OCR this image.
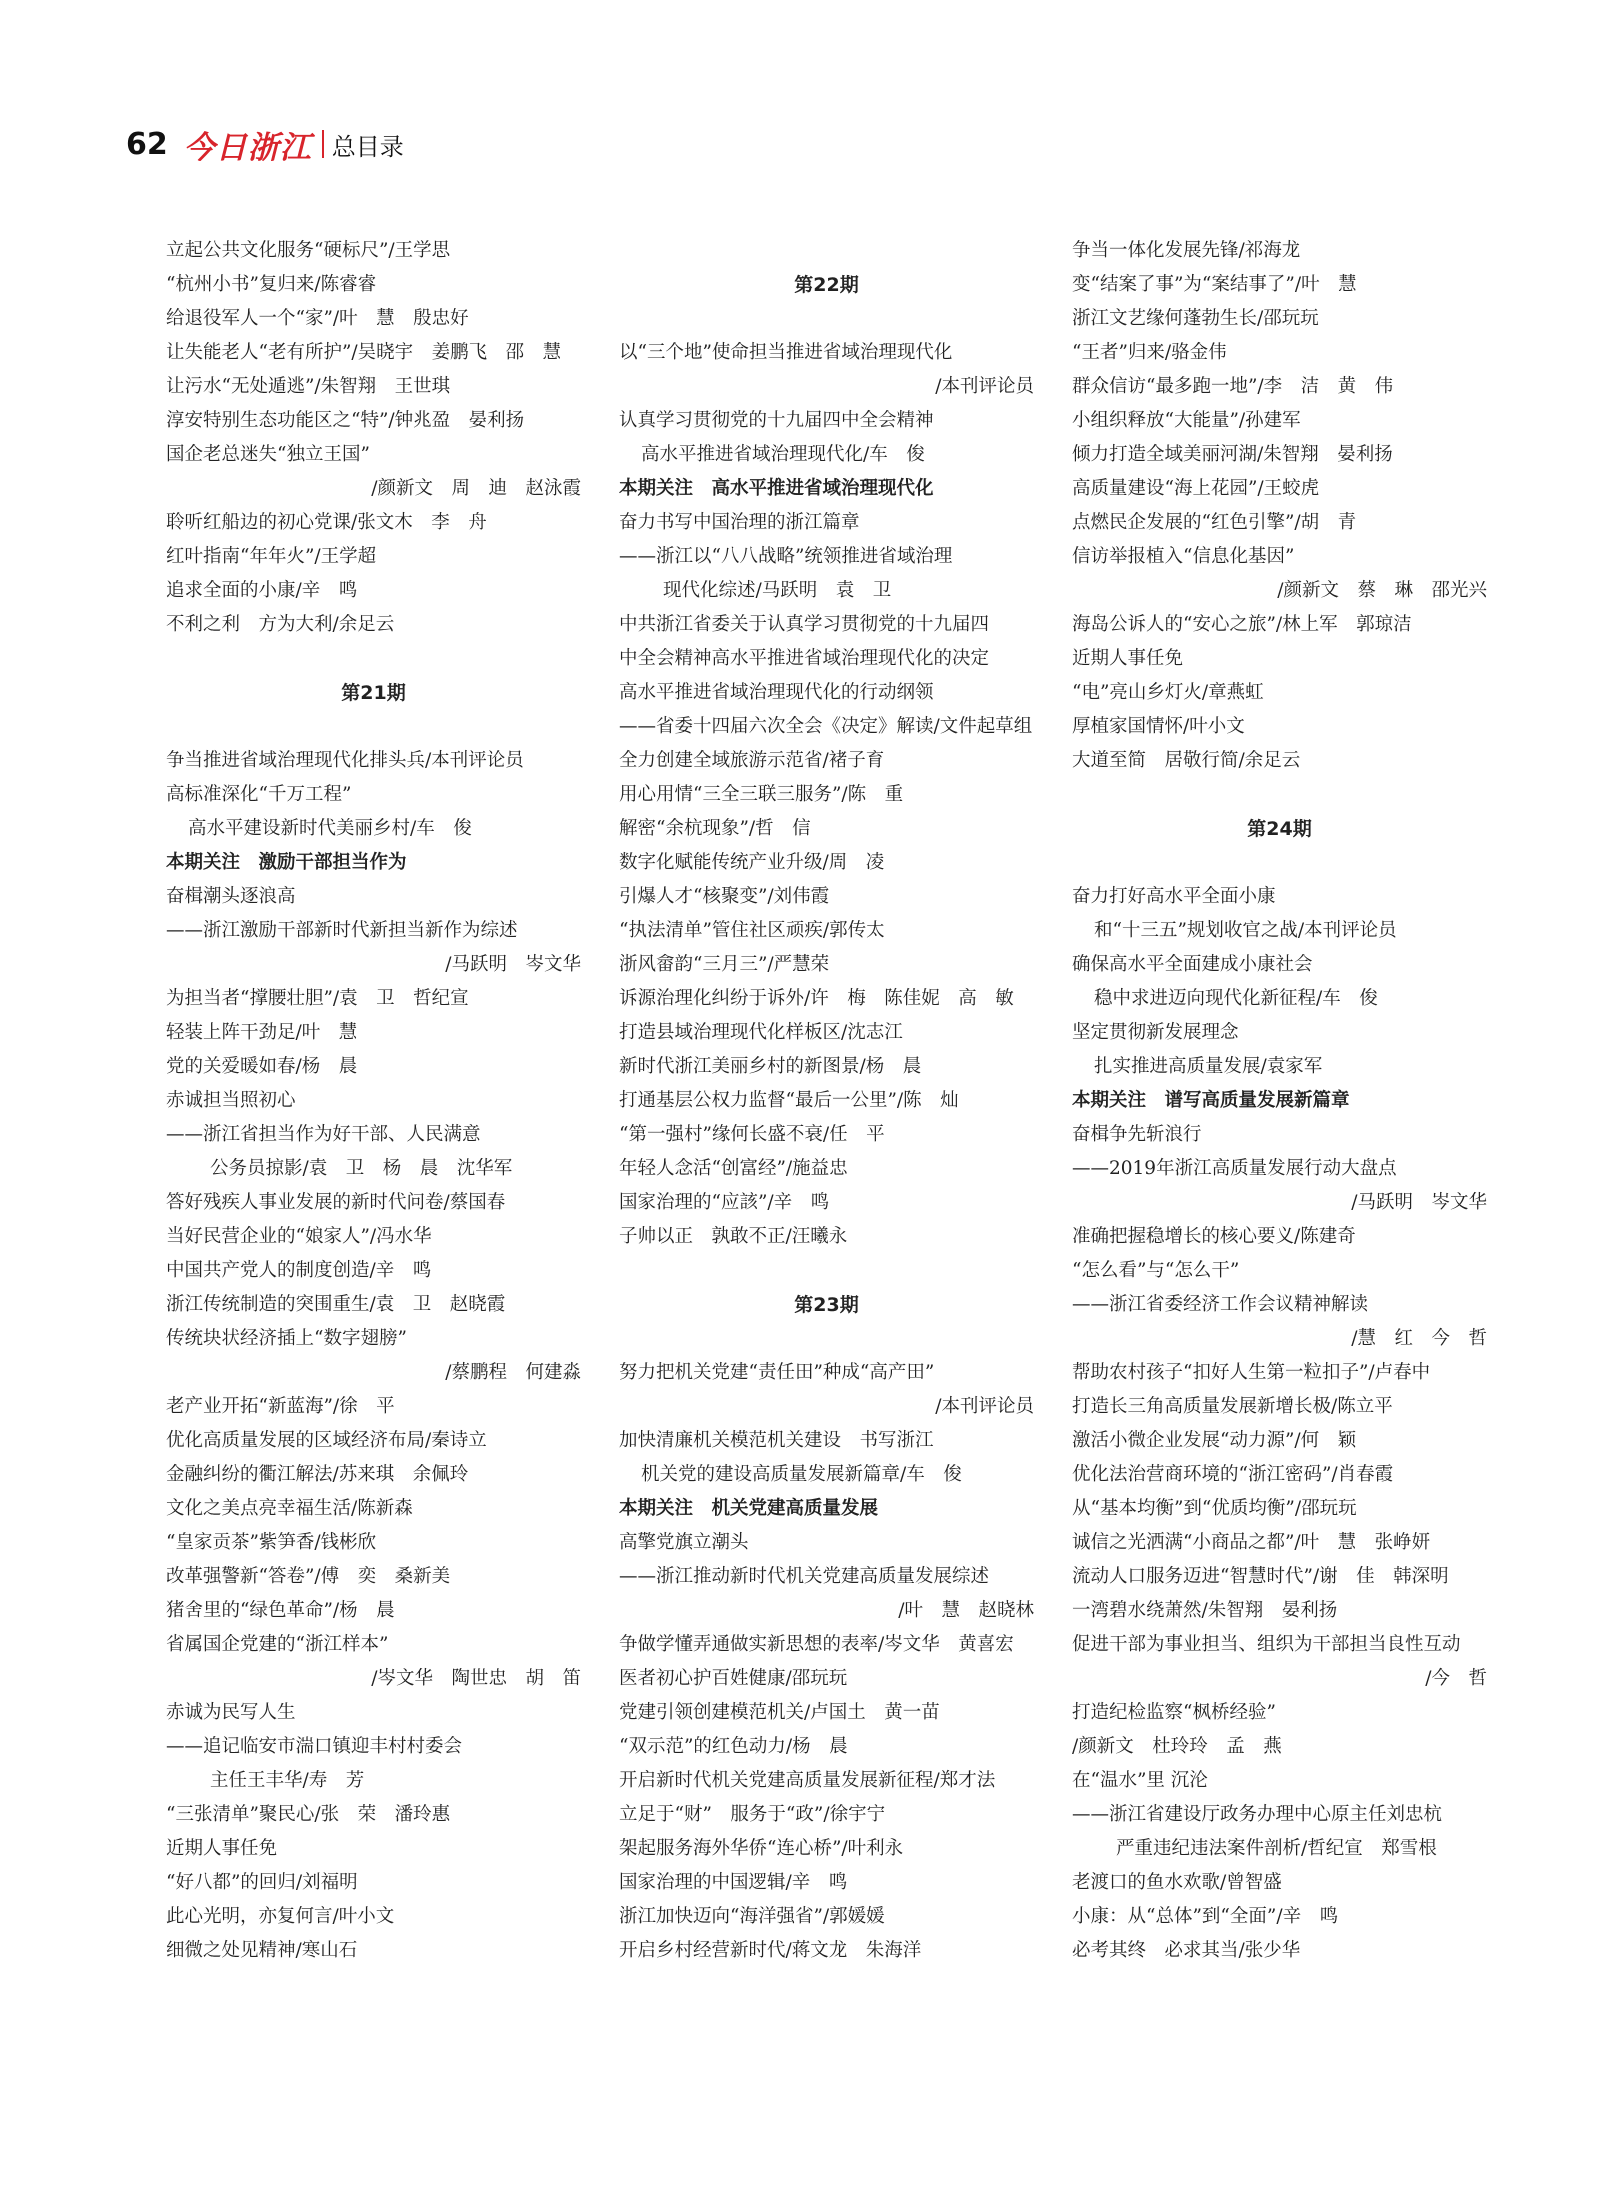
62 今日浙江 总目录
立起公共文化服务“硬标尺”/王学思
“杭州小书”复归来/陈睿睿
给退役军人一个“家”/叶　慧　殷忠好
让失能老人“老有所护”/吴晓宇　姜鹏飞　邵　慧
让污水“无处遁逃”/朱智翔　王世琪
淳安特别生态功能区之“特”/钟兆盈　晏利扬
国企老总迷失“独立王国”
/颜新文　周　迪　赵泳霞
聆听红船边的初心党课/张文木　李　舟
红叶指南“年年火”/王学超
追求全面的小康/辛　鸣
不利之利　方为大利/余足云
第21期
争当推进省域治理现代化排头兵/本刊评论员
高标准深化“千万工程”
高水平建设新时代美丽乡村/车　俊
本期关注　激励干部担当作为
奋楫潮头逐浪高
——浙江激励干部新时代新担当新作为综述
/马跃明　岑文华
为担当者“撑腰壮胆”/袁　卫　哲纪宣
轻装上阵干劲足/叶　慧
党的关爱暖如春/杨　晨
赤诚担当照初心
——浙江省担当作为好干部、人民满意
公务员掠影/袁　卫　杨　晨　沈华军
答好残疾人事业发展的新时代问卷/蔡国春
当好民营企业的“娘家人”/冯水华
中国共产党人的制度创造/辛　鸣
浙江传统制造的突围重生/袁　卫　赵晓霞
传统块状经济插上“数字翅膀”
/蔡鹏程　何建淼
老产业开拓“新蓝海”/徐　平
优化高质量发展的区域经济布局/秦诗立
金融纠纷的衢江解法/苏来琪　余佩玲
文化之美点亮幸福生活/陈新森
“皇家贡茶”紫笋香/钱彬欣
改革强警新“答卷”/傅　奕　桑新美
猪舍里的“绿色革命”/杨　晨
省属国企党建的“浙江样本”
/岑文华　陶世忠　胡　笛
赤诚为民写人生
——追记临安市湍口镇迎丰村村委会
主任王丰华/寿　芳
“三张清单”聚民心/张　荣　潘玲惠
近期人事任免
“好八都”的回归/刘福明
此心光明，亦复何言/叶小文
细微之处见精神/寒山石
第22期
以“三个地”使命担当推进省域治理现代化
/本刊评论员
认真学习贯彻党的十九届四中全会精神
高水平推进省域治理现代化/车　俊
本期关注　高水平推进省域治理现代化
奋力书写中国治理的浙江篇章
——浙江以“八八战略”统领推进省域治理
现代化综述/马跃明　袁　卫
中共浙江省委关于认真学习贯彻党的十九届四
中全会精神高水平推进省域治理现代化的决定
高水平推进省域治理现代化的行动纲领
——省委十四届六次全会《决定》解读/文件起草组
全力创建全域旅游示范省/褚子育
用心用情“三全三联三服务”/陈　重
解密“余杭现象”/哲　信
数字化赋能传统产业升级/周　凌
引爆人才“核聚变”/刘伟霞
“执法清单”管住社区顽疾/郭传太
浙风畲韵“三月三”/严慧荣
诉源治理化纠纷于诉外/许　梅　陈佳妮　高　敏
打造县域治理现代化样板区/沈志江
新时代浙江美丽乡村的新图景/杨　晨
打通基层公权力监督“最后一公里”/陈　灿
“第一强村”缘何长盛不衰/任　平
年轻人念活“创富经”/施益忠
国家治理的“应該”/辛　鸣
子帅以正　孰敢不正/汪曦永
第23期
努力把机关党建“责任田”种成“高产田”
/本刊评论员
加快清廉机关模范机关建设　书写浙江
机关党的建设高质量发展新篇章/车　俊
本期关注　机关党建高质量发展
高擎党旗立潮头
——浙江推动新时代机关党建高质量发展综述
/叶　慧　赵晓林
争做学懂弄通做实新思想的表率/岑文华　黄喜宏
医者初心护百姓健康/邵玩玩
党建引领创建模范机关/卢国土　黄一苗
“双示范”的红色动力/杨　晨
开启新时代机关党建高质量发展新征程/郑才法
立足于“财”　服务于“政”/徐宇宁
架起服务海外华侨“连心桥”/叶利永
国家治理的中国逻辑/辛　鸣
浙江加快迈向“海洋强省”/郭媛媛
开启乡村经营新时代/蒋文龙　朱海洋
争当一体化发展先锋/祁海龙
变“结案了事”为“案结事了”/叶　慧
浙江文艺缘何蓬勃生长/邵玩玩
“王者”归来/骆金伟
群众信访“最多跑一地”/李　洁　黄　伟
小组织释放“大能量”/孙建军
倾力打造全域美丽河湖/朱智翔　晏利扬
高质量建设“海上花园”/王蛟虎
点燃民企发展的“红色引擎”/胡　青
信访举报植入“信息化基因”
/颜新文　蔡　琳　邵光兴
海岛公诉人的“安心之旅”/林上军　郭琼洁
近期人事任免
“电”亮山乡灯火/章燕虹
厚植家国情怀/叶小文
大道至简　居敬行简/余足云
第24期
奋力打好高水平全面小康
和“十三五”规划收官之战/本刊评论员
确保高水平全面建成小康社会
稳中求进迈向现代化新征程/车　俊
坚定贯彻新发展理念
扎实推进高质量发展/袁家军
本期关注　谱写高质量发展新篇章
奋楫争先斩浪行
——2019年浙江高质量发展行动大盘点
/马跃明　岑文华
准确把握稳增长的核心要义/陈建奇
“怎么看”与“怎么干”
——浙江省委经济工作会议精神解读
/慧　红　今　哲
帮助农村孩子“扣好人生第一粒扣子”/卢春中
打造长三角高质量发展新增长极/陈立平
激活小微企业发展“动力源”/何　颖
优化法治营商环境的“浙江密码”/肖春霞
从“基本均衡”到“优质均衡”/邵玩玩
诚信之光洒满“小商品之都”/叶　慧　张峥妍
流动人口服务迈进“智慧时代”/谢　佳　韩深明
一湾碧水绕萧然/朱智翔　晏利扬
促进干部为事业担当、组织为干部担当良性互动
/今　哲
打造纪检监察“枫桥经验”
/颜新文　杜玲玲　孟　燕
在“温水”里 沉沦
——浙江省建设厅政务办理中心原主任刘忠杭
严重违纪违法案件剖析/哲纪宣　郑雪根
老渡口的鱼水欢歌/曾智盛
小康：从“总体”到“全面”/辛　鸣
必考其终　必求其当/张少华
